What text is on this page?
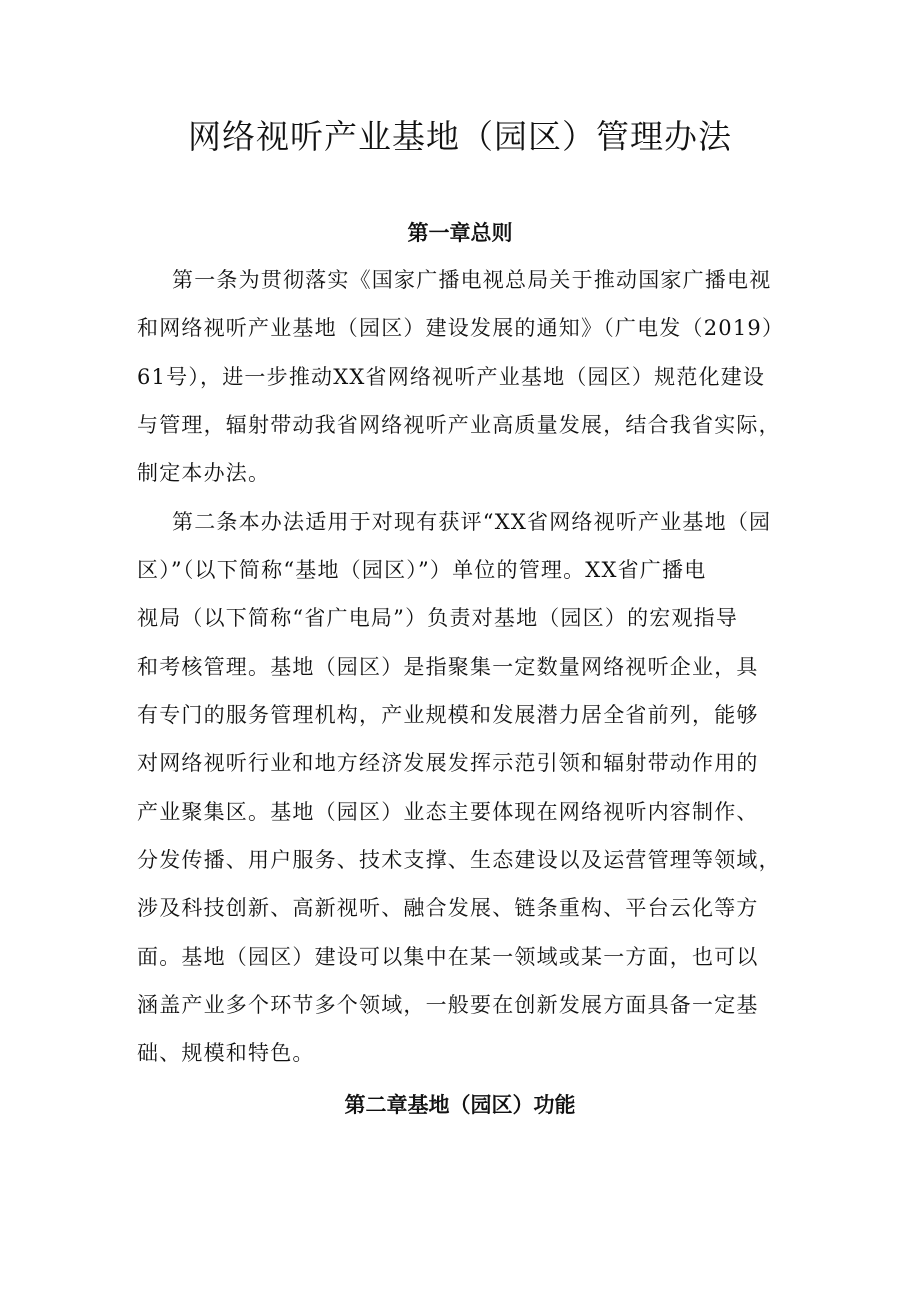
网络视听产业基地（园区）管理办法
第一章总则

第一条为贯彻落实《国家广播电视总局关于推动国家广播电视

和网络视听产业基地（园区）建设发展的通知》（广电发（2019）

61号），进一步推动XX省网络视听产业基地（园区）规范化建设

与管理，辐射带动我省网络视听产业高质量发展，结合我省实际，

制定本办法。

第二条本办法适用于对现有获评“XX省网络视听产业基地（园

区）”（以下简称“基地（园区）”）单位的管理。XX省广播电

视局（以下简称“省广电局”）负责对基地（园区）的宏观指导

和考核管理。基地（园区）是指聚集一定数量网络视听企业，具

有专门的服务管理机构，产业规模和发展潜力居全省前列，能够

对网络视听行业和地方经济发展发挥示范引领和辐射带动作用的

产业聚集区。基地（园区）业态主要体现在网络视听内容制作、

分发传播、用户服务、技术支撑、生态建设以及运营管理等领域，

涉及科技创新、高新视听、融合发展、链条重构、平台云化等方

面。基地（园区）建设可以集中在某一领域或某一方面，也可以

涵盖产业多个环节多个领域，一般要在创新发展方面具备一定基

础、规模和特色。

第二章基地（园区）功能
